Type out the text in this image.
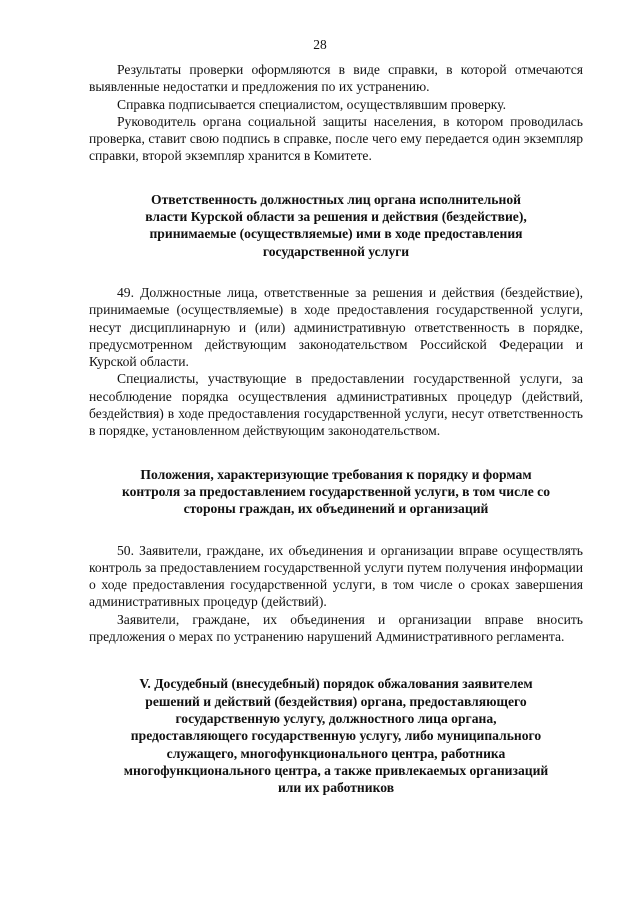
28

Результаты проверки оформляются в виде справки, в которой отмечаются выявленные недостатки и предложения по их устранению.

Справка подписывается специалистом, осуществлявшим проверку.

Руководитель органа социальной защиты населения, в котором проводилась проверка, ставит свою подпись в справке, после чего ему передается один экземпляр справки, второй экземпляр хранится в Комитете.

Ответственность должностных лиц органа исполнительной
власти Курской области за решения и действия (бездействие),
принимаемые (осуществляемые) ими в ходе предоставления
государственной услуги

49. Должностные лица, ответственные за решения и действия (бездействие), принимаемые (осуществляемые) в ходе предоставления государственной услуги, несут дисциплинарную и (или) административную ответственность в порядке, предусмотренном действующим законодательством Российской Федерации и Курской области.

Специалисты, участвующие в предоставлении государственной услуги, за несоблюдение порядка осуществления административных процедур (действий, бездействия) в ходе предоставления государственной услуги, несут ответственность в порядке, установленном действующим законодательством.

Положения, характеризующие требования к порядку и формам
контроля за предоставлением государственной услуги, в том числе со
стороны граждан, их объединений и организаций

50. Заявители, граждане, их объединения и организации вправе осуществлять контроль за предоставлением государственной услуги путем получения информации о ходе предоставления государственной услуги, в том числе о сроках завершения административных процедур (действий).

Заявители, граждане, их объединения и организации вправе вносить предложения о мерах по устранению нарушений Административного регламента.

V. Досудебный (внесудебный) порядок обжалования заявителем
решений и действий (бездействия) органа, предоставляющего
государственную услугу, должностного лица органа,
предоставляющего государственную услугу, либо муниципального
служащего, многофункционального центра, работника
многофункционального центра, а также привлекаемых организаций
или их работников
